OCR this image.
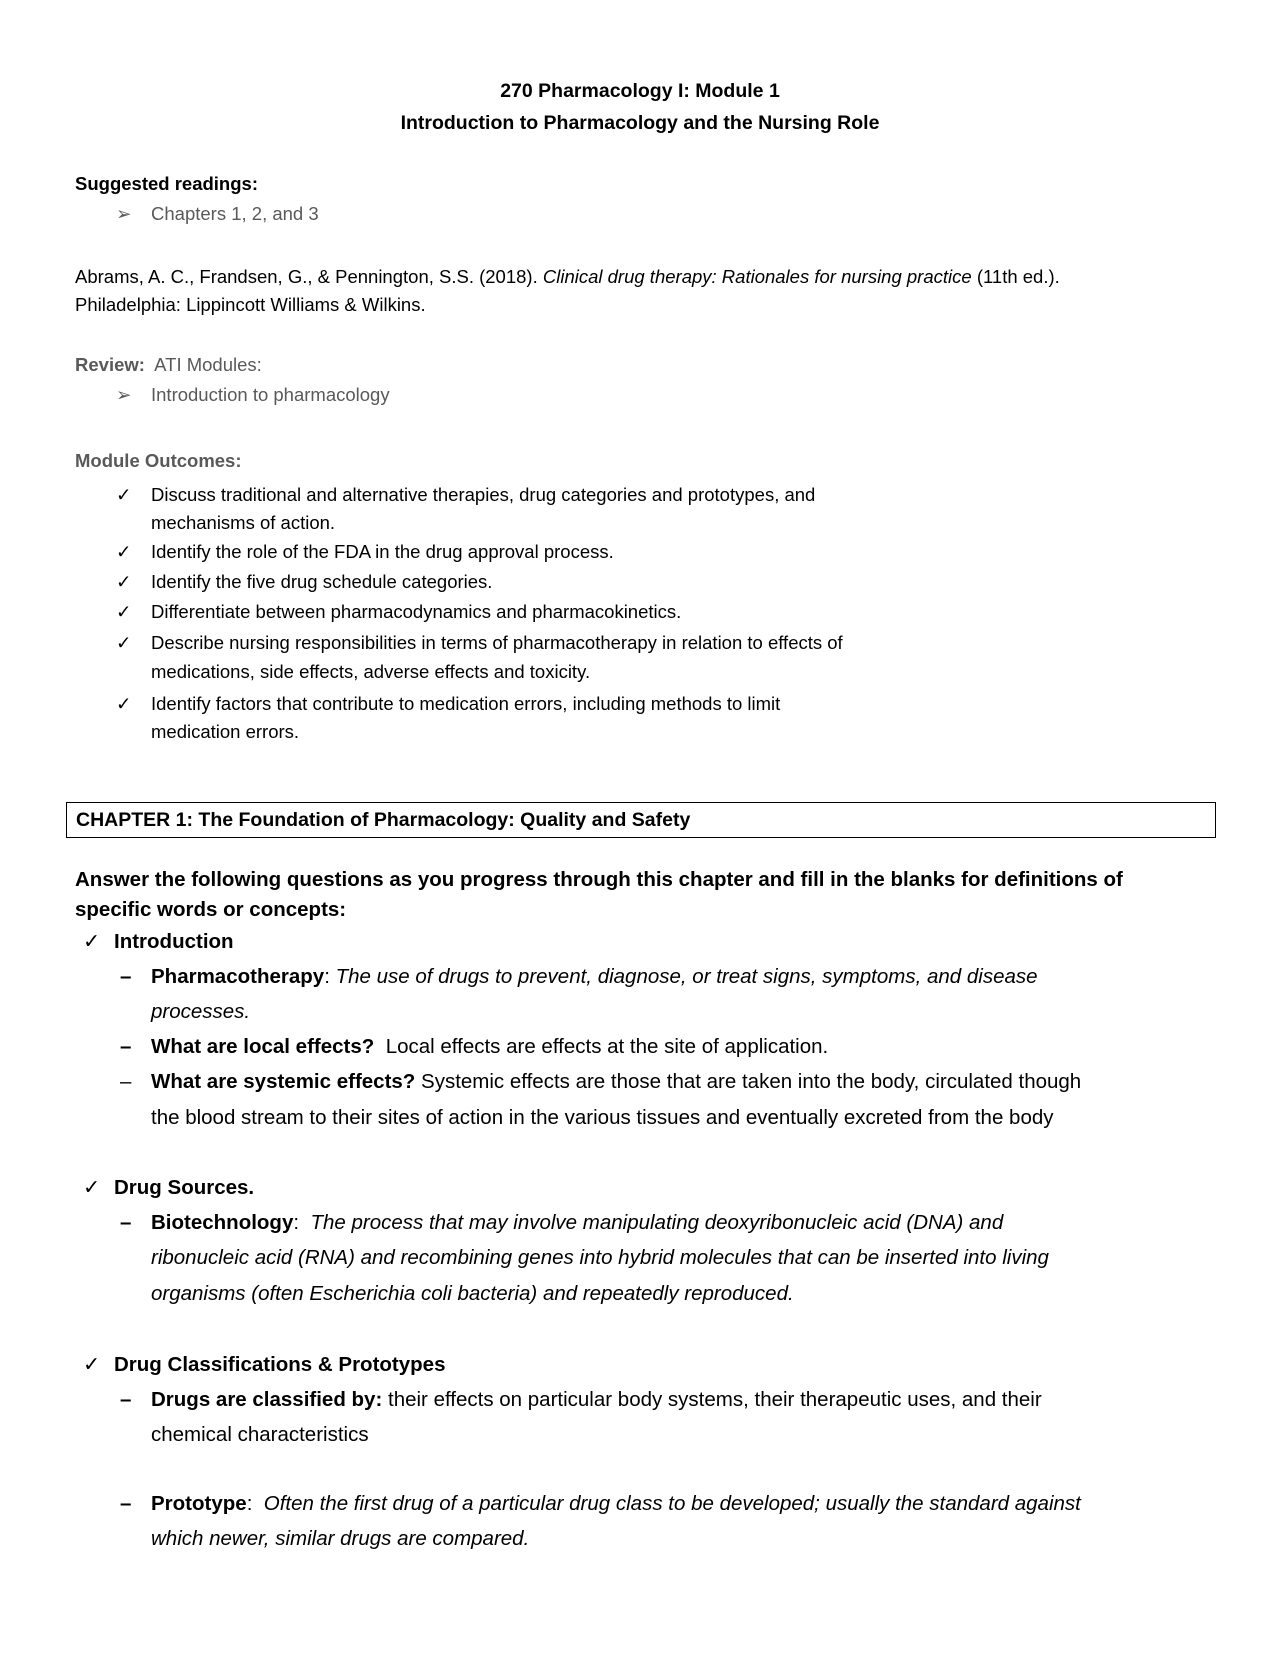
270 Pharmacology I: Module 1
Introduction to Pharmacology and the Nursing Role
Suggested readings:
➢ Chapters 1, 2, and 3
Abrams, A. C., Frandsen, G., & Pennington, S.S. (2018). Clinical drug therapy: Rationales for nursing practice (11th ed.).
Philadelphia: Lippincott Williams & Wilkins.
Review:  ATI Modules:
➢ Introduction to pharmacology
Module Outcomes:
✓ Discuss traditional and alternative therapies, drug categories and prototypes, and
mechanisms of action.
✓ Identify the role of the FDA in the drug approval process.
✓ Identify the five drug schedule categories.
✓ Differentiate between pharmacodynamics and pharmacokinetics.
✓ Describe nursing responsibilities in terms of pharmacotherapy in relation to effects of
medications, side effects, adverse effects and toxicity.
✓ Identify factors that contribute to medication errors, including methods to limit
medication errors.
CHAPTER 1: The Foundation of Pharmacology: Quality and Safety
Answer the following questions as you progress through this chapter and fill in the blanks for definitions of
specific words or concepts:
✓ Introduction
– Pharmacotherapy: The use of drugs to prevent, diagnose, or treat signs, symptoms, and disease
processes.
– What are local effects?  Local effects are effects at the site of application.
– What are systemic effects? Systemic effects are those that are taken into the body, circulated though
the blood stream to their sites of action in the various tissues and eventually excreted from the body
✓ Drug Sources.
– Biotechnology:  The process that may involve manipulating deoxyribonucleic acid (DNA) and
ribonucleic acid (RNA) and recombining genes into hybrid molecules that can be inserted into living
organisms (often Escherichia coli bacteria) and repeatedly reproduced.
✓ Drug Classifications & Prototypes
– Drugs are classified by: their effects on particular body systems, their therapeutic uses, and their
chemical characteristics
– Prototype:  Often the first drug of a particular drug class to be developed; usually the standard against
which newer, similar drugs are compared.
